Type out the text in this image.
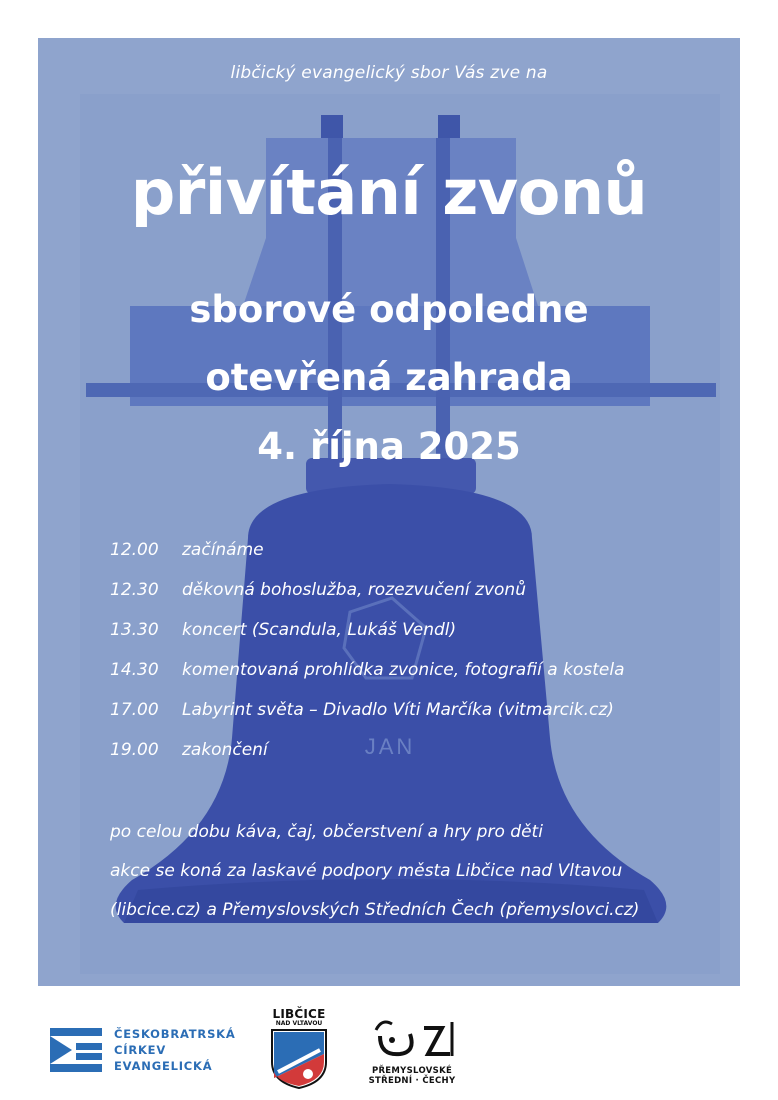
JAN
libčický evangelický sbor Vás zve na
přivítání zvonů
sborové odpoledne
otevřená zahrada
4. října 2025
12.00 začínáme
12.30 děkovná bohoslužba, rozezvučení zvonů
13.30 koncert (Scandula, Lukáš Vendl)
14.30 komentovaná prohlídka zvonice, fotografií a kostela
17.00 Labyrint světa – Divadlo Víti Marčíka (vitmarcik.cz)
19.00 zakončení
po celou dobu káva, čaj, občerstvení a hry pro děti
akce se koná za laskavé podpory města Libčice nad Vltavou
(libcice.cz) a Přemyslovských Středních Čech (přemyslovci.cz)
ČESKOBRATRSKÁ
CÍRKEV
EVANGELICKÁ
LIBČICE
NAD VLTAVOU
PŘEMYSLOVSKÉ
STŘEDNÍ · ČECHY
